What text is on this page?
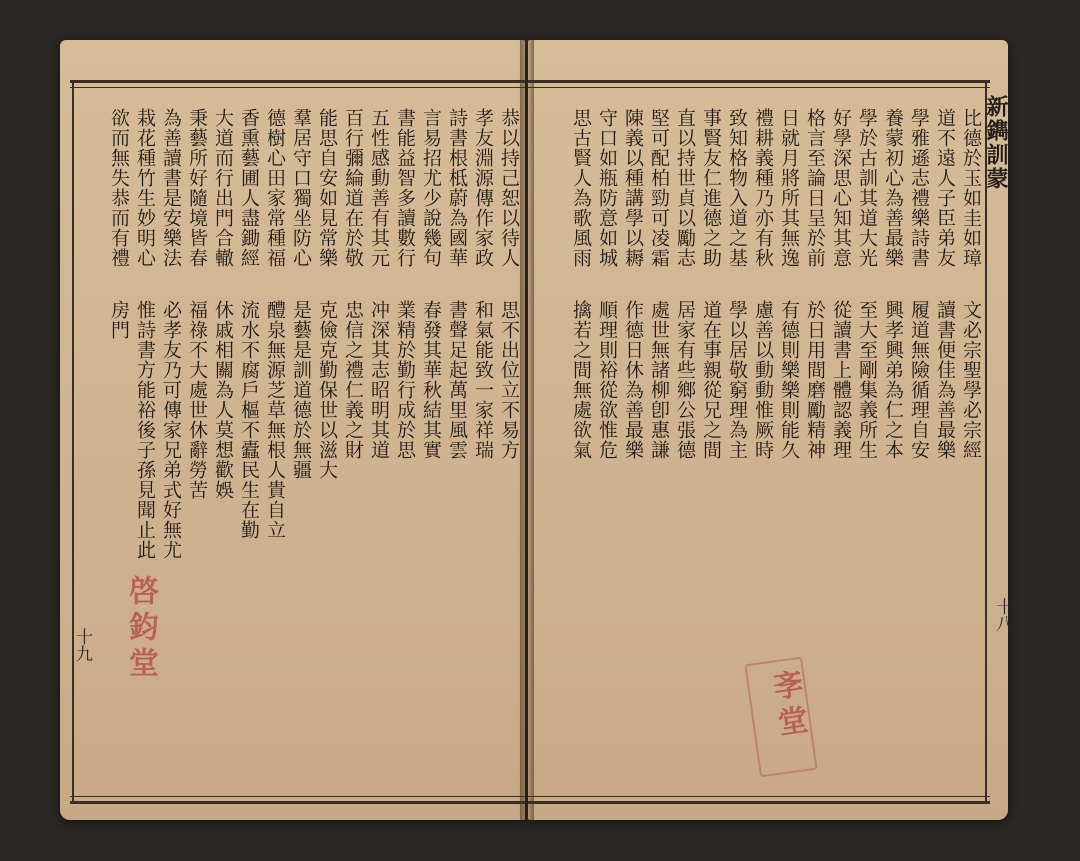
新鐫訓蒙
十八
十九
比德於玉如圭如璋
道不遠人子臣弟友
學雅遜志禮樂詩書
養蒙初心為善最樂
學於古訓其道大光
好學深思心知其意
格言至論日呈於前
日就月將所其無逸
禮耕義種乃亦有秋
致知格物入道之基
事賢友仁進德之助
直以持世貞以勵志
堅可配柏勁可凌霜
陳義以種講學以耨
守口如瓶防意如城
思古賢人為歌風雨
文必宗聖學必宗經
讀書便佳為善最樂
履道無險循理自安
興孝興弟為仁之本
至大至剛集義所生
從讀書上體認義理
於日用間磨勵精神
有德則樂樂則能久
慮善以動動惟厥時
學以居敬窮理為主
道在事親從兄之間
居家有些鄉公張德
處世無諸柳卽惠謙
作德日休為善最樂
順理則裕從欲惟危
擒若之間無處欲氣
恭以持己恕以待人
孝友淵源傳作家政
詩書根柢蔚為國華
言易招尤少說幾句
書能益智多讀數行
五性感動善有其元
百行彌綸道在於敬
能思自安如見常樂
羣居守口獨坐防心
德樹心田家常種福
香熏藝圃人盡鋤經
大道而行出門合轍
秉藝所好隨境皆春
為善讀書是安樂法
栽花種竹生妙明心
欲而無失恭而有禮
思不出位立不易方
和氣能致一家祥瑞
書聲足起萬里風雲
春發其華秋結其實
業精於勤行成於思
冲深其志昭明其道
忠信之禮仁義之財
克儉克勤保世以滋大
是藝是訓道德於無疆
醴泉無源芝草無根人貴自立
流水不腐戶樞不蠹民生在勤
休戚相關為人莫想歡娛
福祿不大處世休辭勞苦
必孝友乃可傳家兄弟式好無尤
惟詩書方能裕後子孫見聞止此
房門
啓鈞堂
斈堂
